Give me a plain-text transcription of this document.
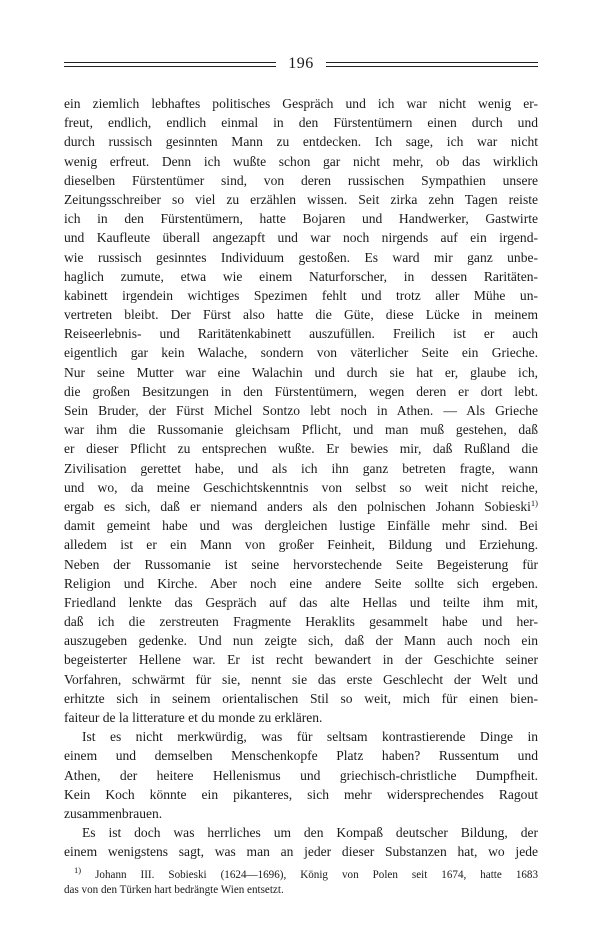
196
ein ziemlich lebhaftes politisches Gespräch und ich war nicht wenig er-
freut, endlich, endlich einmal in den Fürstentümern einen durch und
durch russisch gesinnten Mann zu entdecken. Ich sage, ich war nicht
wenig erfreut. Denn ich wußte schon gar nicht mehr, ob das wirklich
dieselben Fürstentümer sind, von deren russischen Sympathien unsere
Zeitungsschreiber so viel zu erzählen wissen. Seit zirka zehn Tagen reiste
ich in den Fürstentümern, hatte Bojaren und Handwerker, Gastwirte
und Kaufleute überall angezapft und war noch nirgends auf ein irgend-
wie russisch gesinntes Individuum gestoßen. Es ward mir ganz unbe-
haglich zumute, etwa wie einem Naturforscher, in dessen Raritäten-
kabinett irgendein wichtiges Spezimen fehlt und trotz aller Mühe un-
vertreten bleibt. Der Fürst also hatte die Güte, diese Lücke in meinem
Reiseerlebnis- und Raritätenkabinett auszufüllen. Freilich ist er auch
eigentlich gar kein Walache, sondern von väterlicher Seite ein Grieche.
Nur seine Mutter war eine Walachin und durch sie hat er, glaube ich,
die großen Besitzungen in den Fürstentümern, wegen deren er dort lebt.
Sein Bruder, der Fürst Michel Sontzo lebt noch in Athen. — Als Grieche
war ihm die Russomanie gleichsam Pflicht, und man muß gestehen, daß
er dieser Pflicht zu entsprechen wußte. Er bewies mir, daß Rußland die
Zivilisation gerettet habe, und als ich ihn ganz betreten fragte, wann
und wo, da meine Geschichtskenntnis von selbst so weit nicht reiche,
ergab es sich, daß er niemand anders als den polnischen Johann Sobieski$^{1)}$
damit gemeint habe und was dergleichen lustige Einfälle mehr sind. Bei
alledem ist er ein Mann von großer Feinheit, Bildung und Erziehung.
Neben der Russomanie ist seine hervorstechende Seite Begeisterung für
Religion und Kirche. Aber noch eine andere Seite sollte sich ergeben.
Friedland lenkte das Gespräch auf das alte Hellas und teilte ihm mit,
daß ich die zerstreuten Fragmente Heraklits gesammelt habe und her-
auszugeben gedenke. Und nun zeigte sich, daß der Mann auch noch ein
begeisterter Hellene war. Er ist recht bewandert in der Geschichte seiner
Vorfahren, schwärmt für sie, nennt sie das erste Geschlecht der Welt und
erhitzte sich in seinem orientalischen Stil so weit, mich für einen bien-
faiteur de la litterature et du monde zu erklären.
Ist es nicht merkwürdig, was für seltsam kontrastierende Dinge in
einem und demselben Menschenkopfe Platz haben? Russentum und
Athen, der heitere Hellenismus und griechisch-christliche Dumpfheit.
Kein Koch könnte ein pikanteres, sich mehr widersprechendes Ragout
zusammenbrauen.
Es ist doch was herrliches um den Kompaß deutscher Bildung, der
einem wenigstens sagt, was man an jeder dieser Substanzen hat, wo jede
$^{1)}$ Johann III. Sobieski (1624—1696), König von Polen seit 1674, hatte 1683
das von den Türken hart bedrängte Wien entsetzt.
